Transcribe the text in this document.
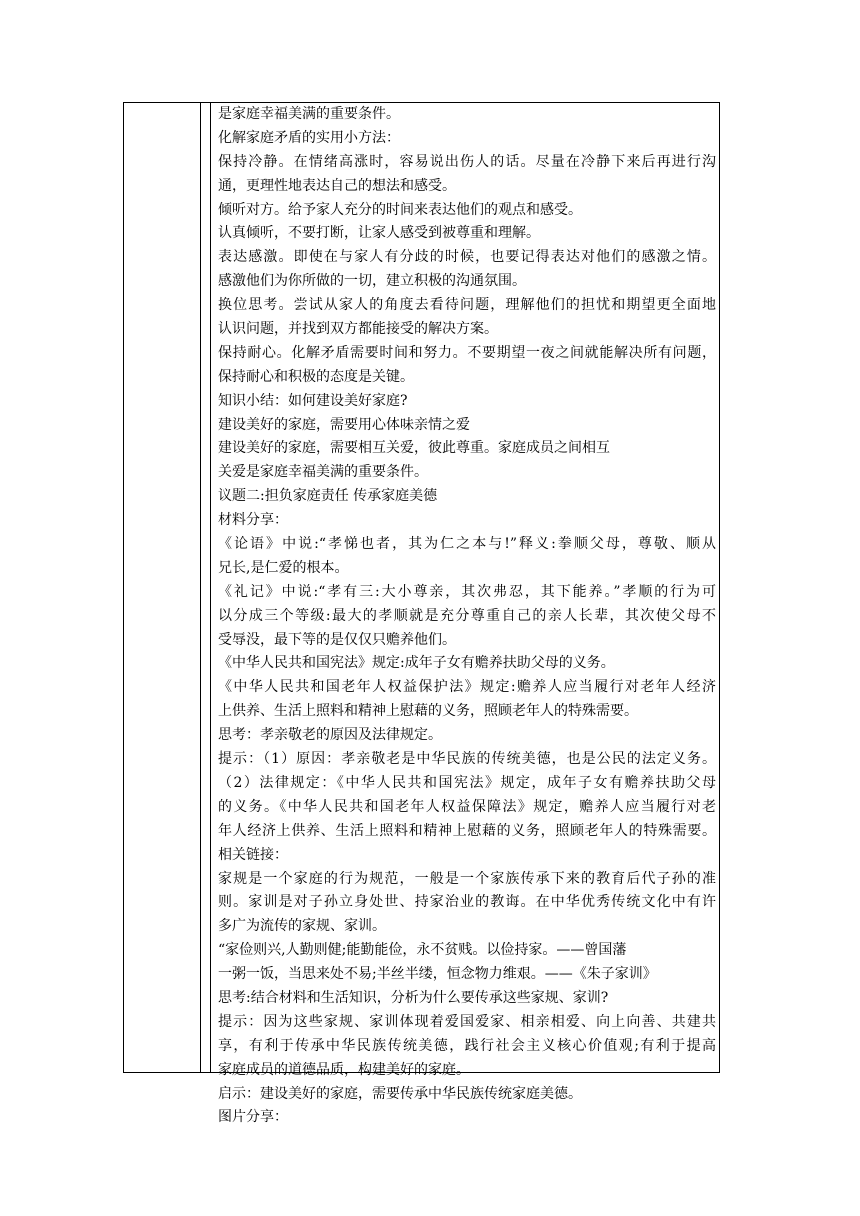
是家庭幸福美满的重要条件。

化解家庭矛盾的实用小方法：

保持冷静。在情绪高涨时，容易说出伤人的话。尽量在冷静下来后再进行沟

通，更理性地表达自己的想法和感受。

倾听对方。给予家人充分的时间来表达他们的观点和感受。

认真倾听，不要打断，让家人感受到被尊重和理解。

表达感激。即使在与家人有分歧的时候，也要记得表达对他们的感激之情。

感激他们为你所做的一切，建立积极的沟通氛围。

换位思考。尝试从家人的角度去看待问题，理解他们的担忧和期望更全面地

认识问题，并找到双方都能接受的解决方案。

保持耐心。化解矛盾需要时间和努力。不要期望一夜之间就能解决所有问题，

保持耐心和积极的态度是关键。

知识小结：如何建设美好家庭?

建设美好的家庭，需要用心体味亲情之爱

建设美好的家庭，需要相互关爱，彼此尊重。家庭成员之间相互

关爱是家庭幸福美满的重要条件。

议题二:担负家庭责任 传承家庭美德

材料分享：

《论语》中说:“孝悌也者，其为仁之本与!”释义:拳顺父母，尊敬、顺从

兄长,是仁爱的根本。

《礼记》中说:“孝有三:大小尊亲，其次弗忍，其下能养。”孝顺的行为可

以分成三个等级:最大的孝顺就是充分尊重自己的亲人长辈，其次使父母不

受辱没，最下等的是仅仅只赡养他们。

《中华人民共和国宪法》规定:成年子女有赡养扶助父母的义务。

《中华人民共和国老年人权益保护法》规定:赡养人应当履行对老年人经济

上供养、生活上照料和精神上慰藉的义务，照顾老年人的特殊需要。

思考：孝亲敬老的原因及法律规定。

提示：（1）原因：孝亲敬老是中华民族的传统美德，也是公民的法定义务。

（2）法律规定：《中华人民共和国宪法》规定，成年子女有赡养扶助父母

的义务。《中华人民共和国老年人权益保障法》规定，赡养人应当履行对老

年人经济上供养、生活上照料和精神上慰藉的义务，照顾老年人的特殊需要。

相关链接：

家规是一个家庭的行为规范，一般是一个家族传承下来的教育后代子孙的准

则。家训是对子孙立身处世、持家治业的教诲。在中华优秀传统文化中有许

多广为流传的家规、家训。

“家俭则兴,人勤则健;能勤能俭，永不贫贱。以俭持家。——曾国藩

一粥一饭，当思来处不易;半丝半缕，恒念物力维艰。——《朱子家训》

思考:结合材料和生活知识，分析为什么要传承这些家规、家训?

提示：因为这些家规、家训体现着爱国爱家、相亲相爱、向上向善、共建共

享，有利于传承中华民族传统美德，践行社会主义核心价值观;有利于提高

家庭成员的道德品质，构建美好的家庭。

启示：建设美好的家庭，需要传承中华民族传统家庭美德。

图片分享：
